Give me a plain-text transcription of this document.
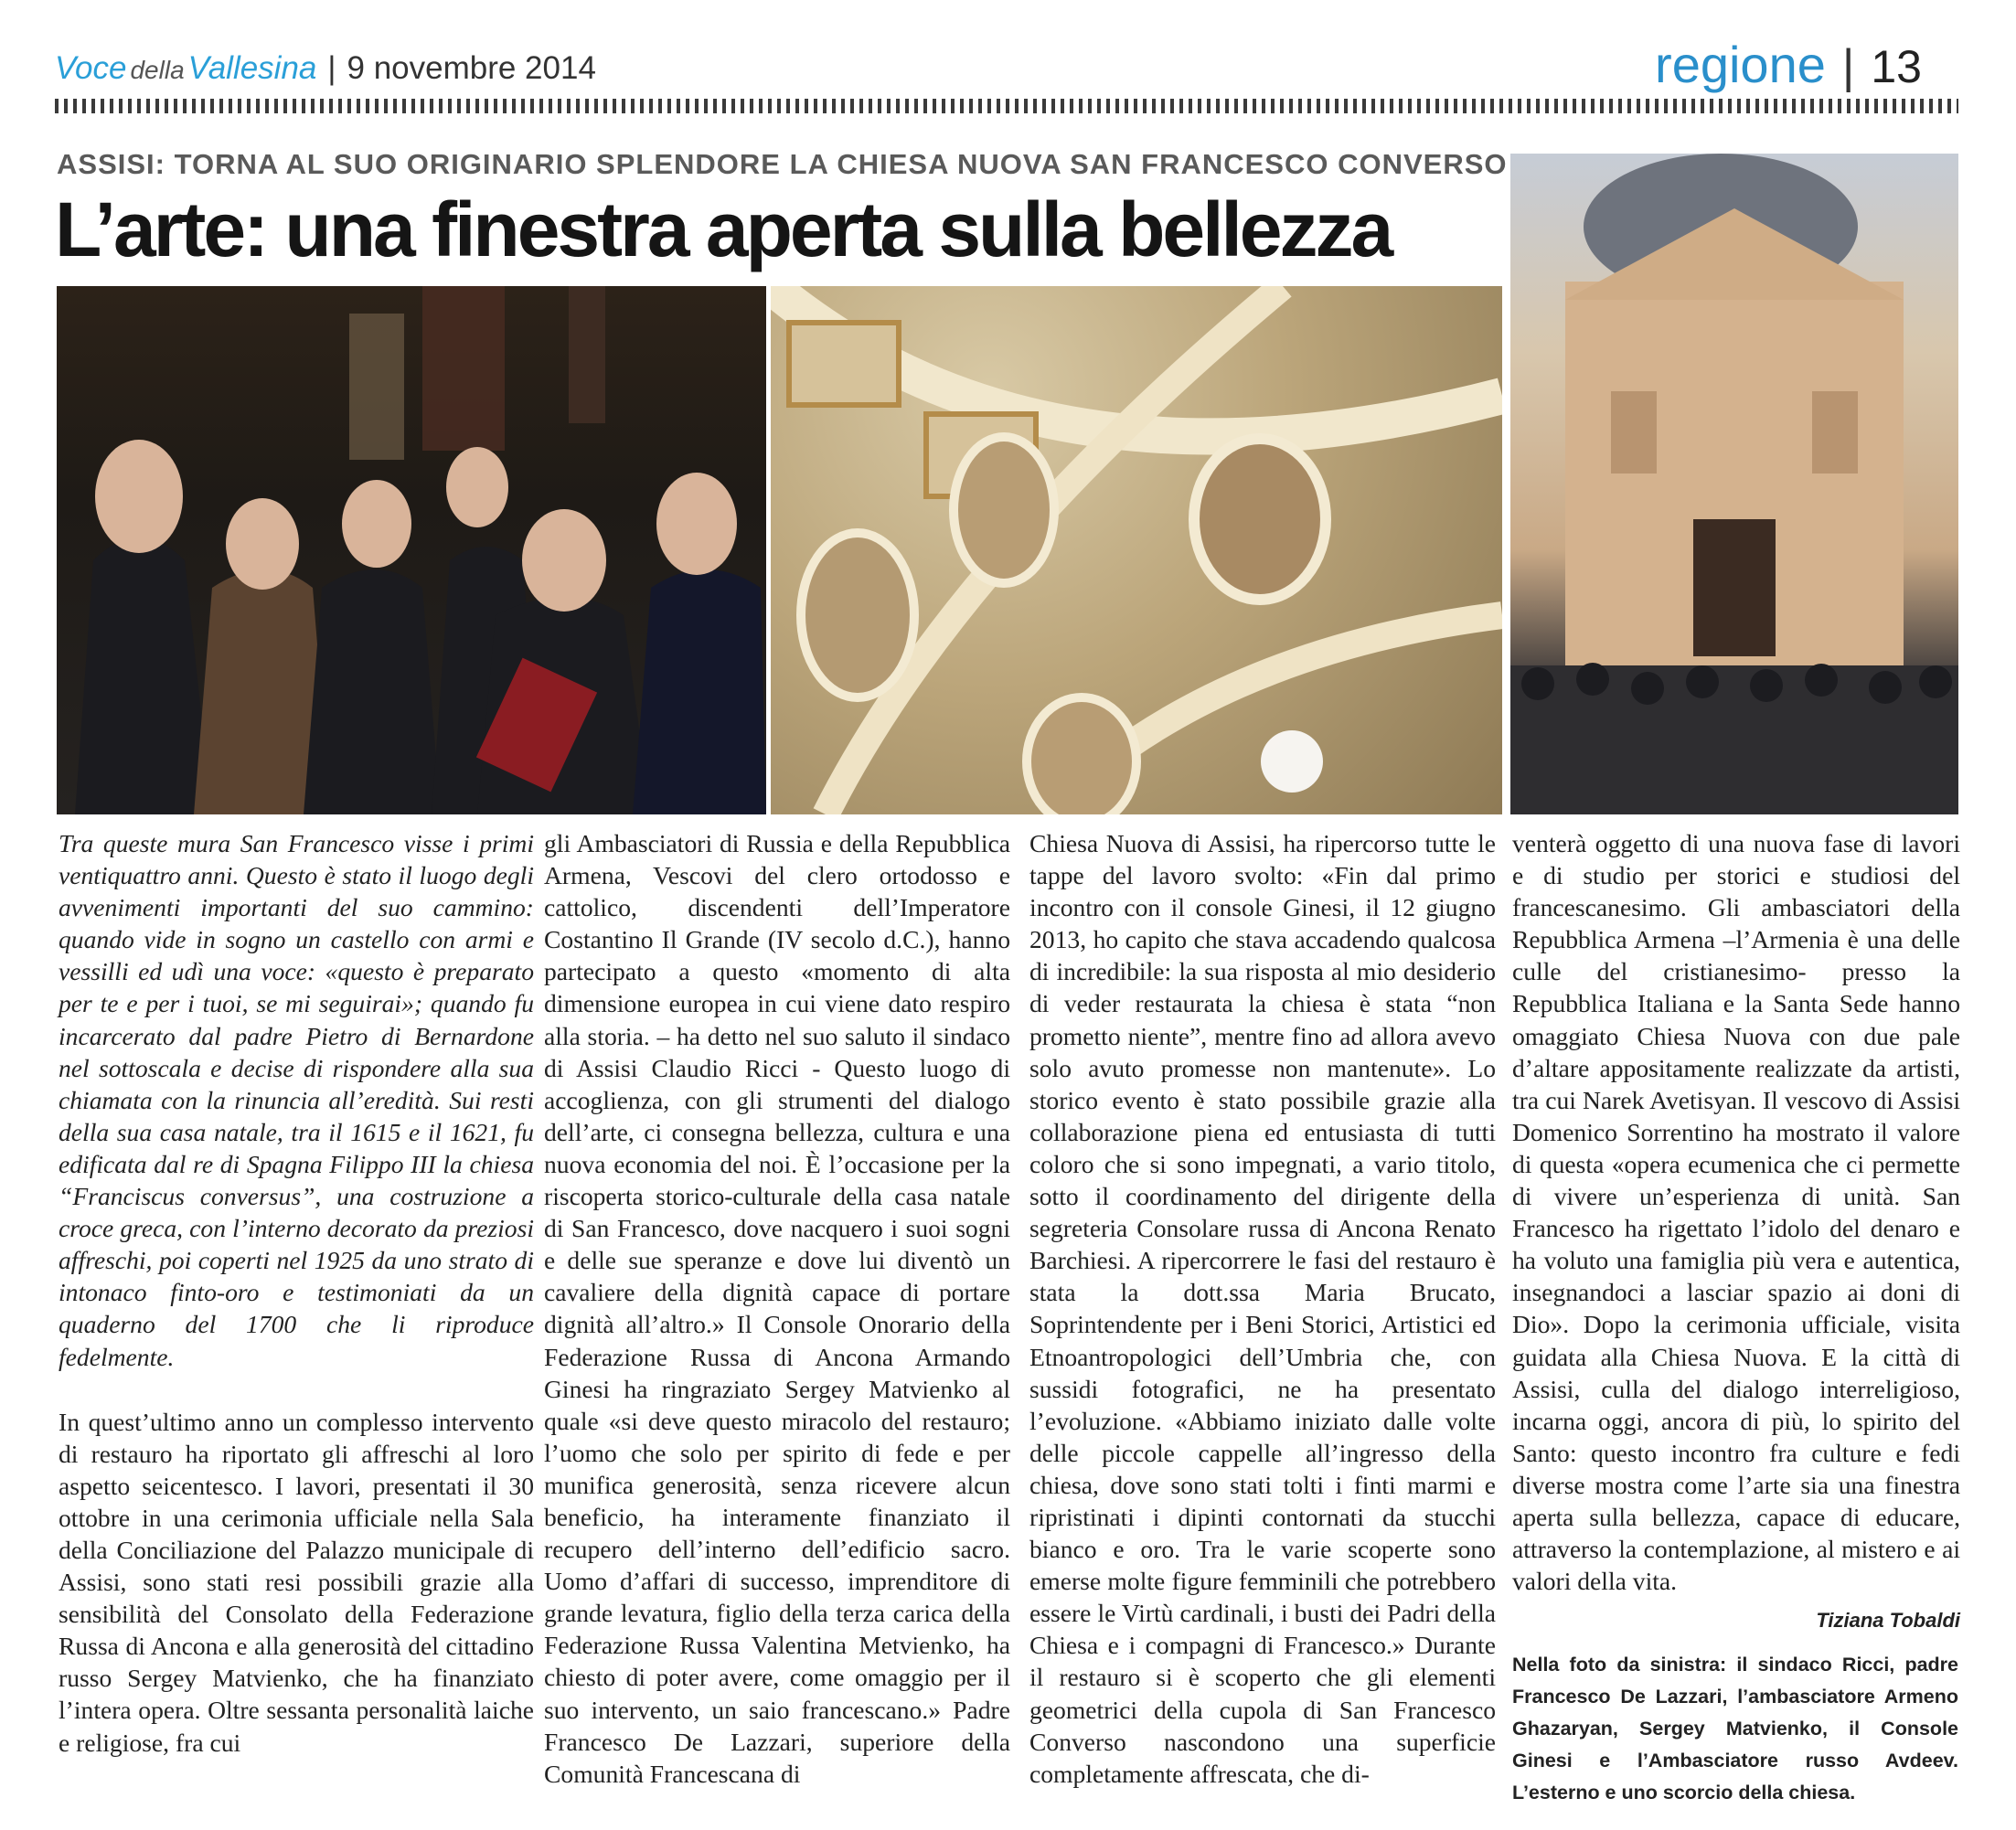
Voce della Vallesina | 9 novembre 2014	regione | 13
ASSISI: TORNA AL SUO ORIGINARIO SPLENDORE LA CHIESA NUOVA SAN FRANCESCO CONVERSO
L’arte: una finestra aperta sulla bellezza

Tra queste mura San Francesco visse i primi ventiquattro anni. Questo è stato il luogo degli avvenimenti importanti del suo cammino: quando vide in sogno un castello con armi e vessilli ed udì una voce: «questo è preparato per te e per i tuoi, se mi seguirai»; quando fu incarcerato dal padre Pietro di Bernardone nel sottoscala e decise di rispondere alla sua chiamata con la rinuncia all’eredità. Sui resti della sua casa natale, tra il 1615 e il 1621, fu edificata dal re di Spagna Filippo III la chiesa “Franciscus conversus”, una costruzione a croce greca, con l’interno decorato da preziosi affreschi, poi coperti nel 1925 da uno strato di intonaco finto-oro e testimoniati da un quaderno del 1700 che li riproduce fedelmente.

In quest’ultimo anno un complesso intervento di restauro ha riportato gli affreschi al loro aspetto seicentesco. I lavori, presentati il 30 ottobre in una cerimonia ufficiale nella Sala della Conciliazione del Palazzo municipale di Assisi, sono stati resi possibili grazie alla sensibilità del Consolato della Federazione Russa di Ancona e alla generosità del cittadino russo Sergey Matvienko, che ha finanziato l’intera opera. Oltre sessanta personalità laiche e religiose, fra cui

gli Ambasciatori di Russia e della Repubblica Armena, Vescovi del clero ortodosso e cattolico, discendenti dell’Imperatore Costantino Il Grande (IV secolo d.C.), hanno partecipato a questo «momento di alta dimensione europea in cui viene dato respiro alla storia. – ha detto nel suo saluto il sindaco di Assisi Claudio Ricci - Questo luogo di accoglienza, con gli strumenti del dialogo dell’arte, ci consegna bellezza, cultura e una nuova economia del noi. È l’occasione per la riscoperta storico-culturale della casa natale di San Francesco, dove nacquero i suoi sogni e delle sue speranze e dove lui diventò un cavaliere della dignità capace di portare dignità all’altro.» Il Console Onorario della Federazione Russa di Ancona Armando Ginesi ha ringraziato Sergey Matvienko al quale «si deve questo miracolo del restauro; l’uomo che solo per spirito di fede e per munifica generosità, senza ricevere alcun beneficio, ha interamente finanziato il recupero dell’interno dell’edificio sacro. Uomo d’affari di successo, imprenditore di grande levatura, figlio della terza carica della Federazione Russa Valentina Metvienko, ha chiesto di poter avere, come omaggio per il suo intervento, un saio francescano.» Padre Francesco De Lazzari, superiore della Comunità Francescana di

Chiesa Nuova di Assisi, ha ripercorso tutte le tappe del lavoro svolto: «Fin dal primo incontro con il console Ginesi, il 12 giugno 2013, ho capito che stava accadendo qualcosa di incredibile: la sua risposta al mio desiderio di veder restaurata la chiesa è stata “non prometto niente”, mentre fino ad allora avevo solo avuto promesse non mantenute». Lo storico evento è stato possibile grazie alla collaborazione piena ed entusiasta di tutti coloro che si sono impegnati, a vario titolo, sotto il coordinamento del dirigente della segreteria Consolare russa di Ancona Renato Barchiesi. A ripercorrere le fasi del restauro è stata la dott.ssa Maria Brucato, Soprintendente per i Beni Storici, Artistici ed Etnoantropologici dell’Umbria che, con sussidi fotografici, ne ha presentato l’evoluzione. «Abbiamo iniziato dalle volte delle piccole cappelle all’ingresso della chiesa, dove sono stati tolti i finti marmi e ripristinati i dipinti contornati da stucchi bianco e oro. Tra le varie scoperte sono emerse molte figure femminili che potrebbero essere le Virtù cardinali, i busti dei Padri della Chiesa e i compagni di Francesco.» Durante il restauro si è scoperto che gli elementi geometrici della cupola di San Francesco Converso nascondono una superficie completamente affrescata, che di-

venterà oggetto di una nuova fase di lavori e di studio per storici e studiosi del francescanesimo. Gli ambasciatori della Repubblica Armena –l’Armenia è una delle culle del cristianesimo- presso la Repubblica Italiana e la Santa Sede hanno omaggiato Chiesa Nuova con due pale d’altare appositamente realizzate da artisti, tra cui Narek Avetisyan. Il vescovo di Assisi Domenico Sorrentino ha mostrato il valore di questa «opera ecumenica che ci permette di vivere un’esperienza di unità. San Francesco ha rigettato l’idolo del denaro e ha voluto una famiglia più vera e autentica, insegnandoci a lasciar spazio ai doni di Dio». Dopo la cerimonia ufficiale, visita guidata alla Chiesa Nuova. E la città di Assisi, culla del dialogo interreligioso, incarna oggi, ancora di più, lo spirito del Santo: questo incontro fra culture e fedi diverse mostra come l’arte sia una finestra aperta sulla bellezza, capace di educare, attraverso la contemplazione, al mistero e ai valori della vita.

Tiziana Tobaldi
Nella foto da sinistra: il sindaco Ricci, padre Francesco De Lazzari, l’ambasciatore Armeno Ghazaryan, Sergey Matvienko, il Console Ginesi e l’Ambasciatore russo Avdeev. L’esterno e uno scorcio della chiesa.
